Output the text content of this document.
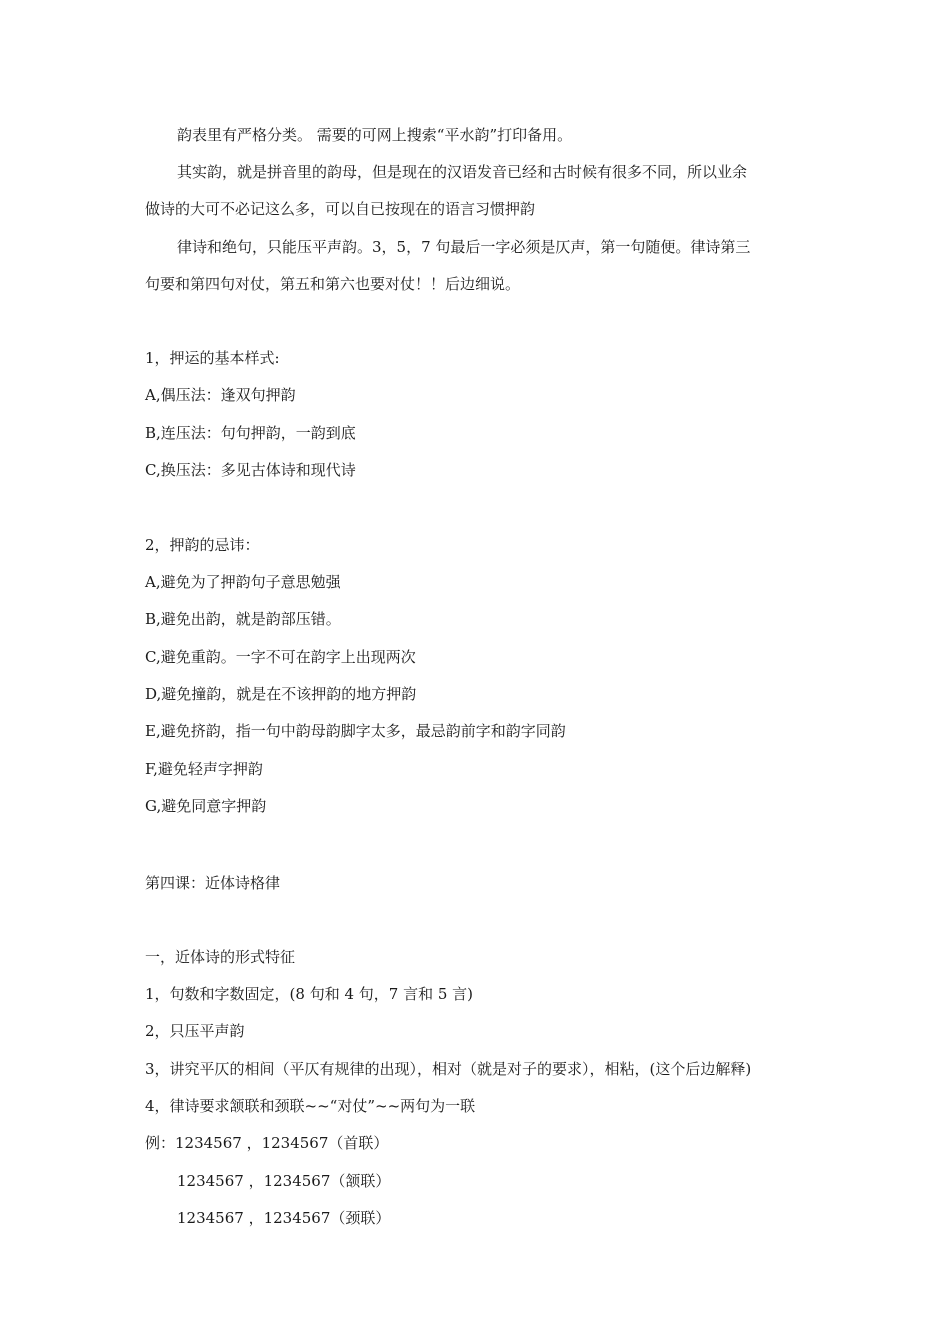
韵表里有严格分类。 需要的可网上搜索“平水韵”打印备用。
其实韵，就是拼音里的韵母，但是现在的汉语发音已经和古时候有很多不同，所以业余
做诗的大可不必记这么多，可以自已按现在的语言习惯押韵
律诗和绝句，只能压平声韵。3，5，7 句最后一字必须是仄声，第一句随便。律诗第三
句要和第四句对仗，第五和第六也要对仗！！后边细说。
1，押运的基本样式:
A,偶压法：逢双句押韵
B,连压法：句句押韵，一韵到底
C,换压法：多见古体诗和现代诗
2，押韵的忌讳：
A,避免为了押韵句子意思勉强
B,避免出韵，就是韵部压错。
C,避免重韵。一字不可在韵字上出现两次
D,避免撞韵，就是在不该押韵的地方押韵
E,避免挤韵，指一句中韵母韵脚字太多，最忌韵前字和韵字同韵
F,避免轻声字押韵
G,避免同意字押韵
第四课：近体诗格律
一，近体诗的形式特征
1，句数和字数固定，(8 句和 4 句，7 言和 5 言)
2，只压平声韵
3，讲究平仄的相间（平仄有规律的出现），相对（就是对子的要求），相粘，(这个后边解释)
4，律诗要求颔联和颈联~~“对仗”~~两句为一联
例：1234567 ，1234567（首联）
1234567 ，1234567（颔联）
1234567 ，1234567（颈联）
